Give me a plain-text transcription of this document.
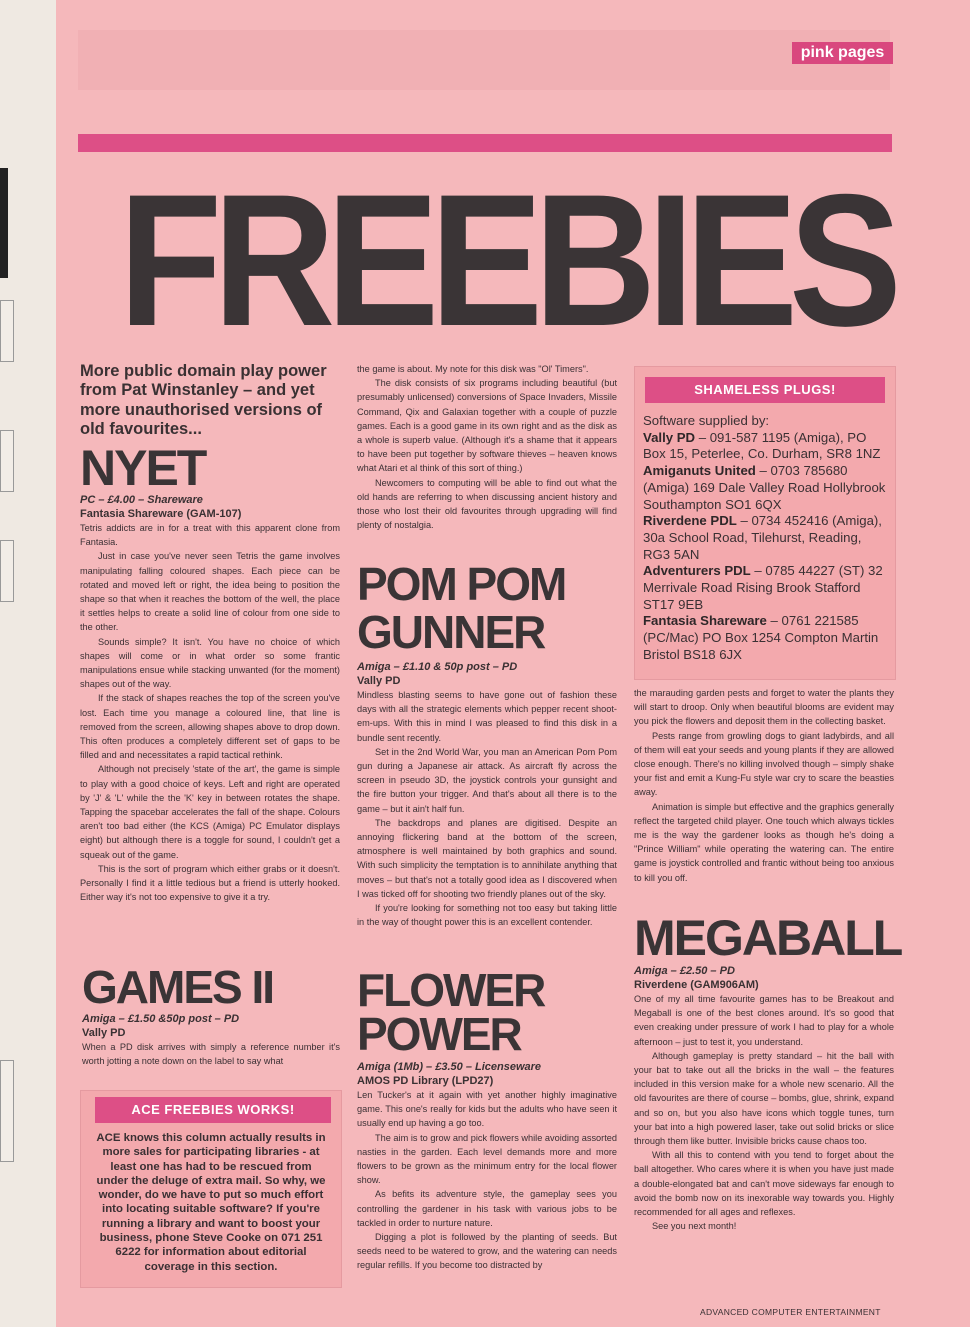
pink pages
FREEBIES
More public domain play power from Pat Winstanley – and yet more unauthorised versions of old favourites...
NYET
PC – £4.00 – Shareware
Fantasia Shareware (GAM-107)

Tetris addicts are in for a treat with this apparent clone from Fantasia.

Just in case you've never seen Tetris the game involves manipulating falling coloured shapes. Each piece can be rotated and moved left or right, the idea being to position the shape so that when it reaches the bottom of the well, the place it settles helps to create a solid line of colour from one side to the other.

Sounds simple? It isn't. You have no choice of which shapes will come or in what order so some frantic manipulations ensue while stacking unwanted (for the moment) shapes out of the way.

If the stack of shapes reaches the top of the screen you've lost. Each time you manage a coloured line, that line is removed from the screen, allowing shapes above to drop down. This often produces a completely different set of gaps to be filled and and necessitates a rapid tactical rethink.

Although not precisely 'state of the art', the game is simple to play with a good choice of keys. Left and right are operated by 'J' & 'L' while the the 'K' key in between rotates the shape. Tapping the spacebar accelerates the fall of the shape. Colours aren't too bad either (the KCS (Amiga) PC Emulator displays eight) but although there is a toggle for sound, I couldn't get a squeak out of the game.

This is the sort of program which either grabs or it doesn't. Personally I find it a little tedious but a friend is utterly hooked. Either way it's not too expensive to give it a try.

GAMES II
Amiga – £1.50 &50p post – PD
Vally PD

When a PD disk arrives with simply a reference number it's worth jotting a note down on the label to say what

ACE FREEBIES WORKS!
ACE knows this column actually results in more sales for participating libraries - at least one has had to be rescued from under the deluge of extra mail. So why, we wonder, do we have to put so much effort into locating suitable software? If you're running a library and want to boost your business, phone Steve Cooke on 071 251 6222 for information about editorial coverage in this section.

the game is about. My note for this disk was "Ol' Timers".

The disk consists of six programs including beautiful (but presumably unlicensed) conversions of Space Invaders, Missile Command, Qix and Galaxian together with a couple of puzzle games. Each is a good game in its own right and as the disk as a whole is superb value. (Although it's a shame that it appears to have been put together by software thieves – heaven knows what Atari et al think of this sort of thing.)

Newcomers to computing will be able to find out what the old hands are referring to when discussing ancient history and those who lost their old favourites through upgrading will find plenty of nostalgia.

POM POM
GUNNER
Amiga – £1.10 & 50p post – PD
Vally PD

Mindless blasting seems to have gone out of fashion these days with all the strategic elements which pepper recent shoot-em-ups. With this in mind I was pleased to find this disk in a bundle sent recently.

Set in the 2nd World War, you man an American Pom Pom gun during a Japanese air attack. As aircraft fly across the screen in pseudo 3D, the joystick controls your gunsight and the fire button your trigger. And that's about all there is to the game – but it ain't half fun.

The backdrops and planes are digitised. Despite an annoying flickering band at the bottom of the screen, atmosphere is well maintained by both graphics and sound. With such simplicity the temptation is to annihilate anything that moves – but that's not a totally good idea as I discovered when I was ticked off for shooting two friendly planes out of the sky.

If you're looking for something not too easy but taking little in the way of thought power this is an excellent contender.

FLOWER
POWER
Amiga (1Mb) – £3.50 – Licenseware
AMOS PD Library (LPD27)

Len Tucker's at it again with yet another highly imaginative game. This one's really for kids but the adults who have seen it usually end up having a go too.

The aim is to grow and pick flowers while avoiding assorted nasties in the garden. Each level demands more and more flowers to be grown as the minimum entry for the local flower show.

As befits its adventure style, the gameplay sees you controlling the gardener in his task with various jobs to be tackled in order to nurture nature.

Digging a plot is followed by the planting of seeds. But seeds need to be watered to grow, and the watering can needs regular refills. If you become too distracted by

SHAMELESS PLUGS!
Software supplied by:
Vally PD – 091-587 1195 (Amiga), PO Box 15, Peterlee, Co. Durham, SR8 1NZ
Amiganuts United – 0703 785680 (Amiga) 169 Dale Valley Road Hollybrook Southampton SO1 6QX
Riverdene PDL – 0734 452416 (Amiga), 30a School Road, Tilehurst, Reading, RG3 5AN
Adventurers PDL – 0785 44227 (ST) 32 Merrivale Road Rising Brook Stafford ST17 9EB
Fantasia Shareware – 0761 221585 (PC/Mac) PO Box 1254 Compton Martin Bristol BS18 6JX

the marauding garden pests and forget to water the plants they will start to droop. Only when beautiful blooms are evident may you pick the flowers and deposit them in the collecting basket.

Pests range from growling dogs to giant ladybirds, and all of them will eat your seeds and young plants if they are allowed close enough. There's no killing involved though – simply shake your fist and emit a Kung-Fu style war cry to scare the beasties away.

Animation is simple but effective and the graphics generally reflect the targeted child player. One touch which always tickles me is the way the gardener looks as though he's doing a "Prince William" while operating the watering can. The entire game is joystick controlled and frantic without being too anxious to kill you off.

MEGABALL
Amiga – £2.50 – PD
Riverdene (GAM906AM)

One of my all time favourite games has to be Breakout and Megaball is one of the best clones around. It's so good that even creaking under pressure of work I had to play for a whole afternoon – just to test it, you understand.

Although gameplay is pretty standard – hit the ball with your bat to take out all the bricks in the wall – the features included in this version make for a whole new scenario. All the old favourites are there of course – bombs, glue, shrink, expand and so on, but you also have icons which toggle tunes, turn your bat into a high powered laser, take out solid bricks or slice through them like butter. Invisible bricks cause chaos too.

With all this to contend with you tend to forget about the ball altogether. Who cares where it is when you have just made a double-elongated bat and can't move sideways far enough to avoid the bomb now on its inexorable way towards you. Highly recommended for all ages and reflexes.

See you next month!

ADVANCED COMPUTER ENTERTAINMENT
